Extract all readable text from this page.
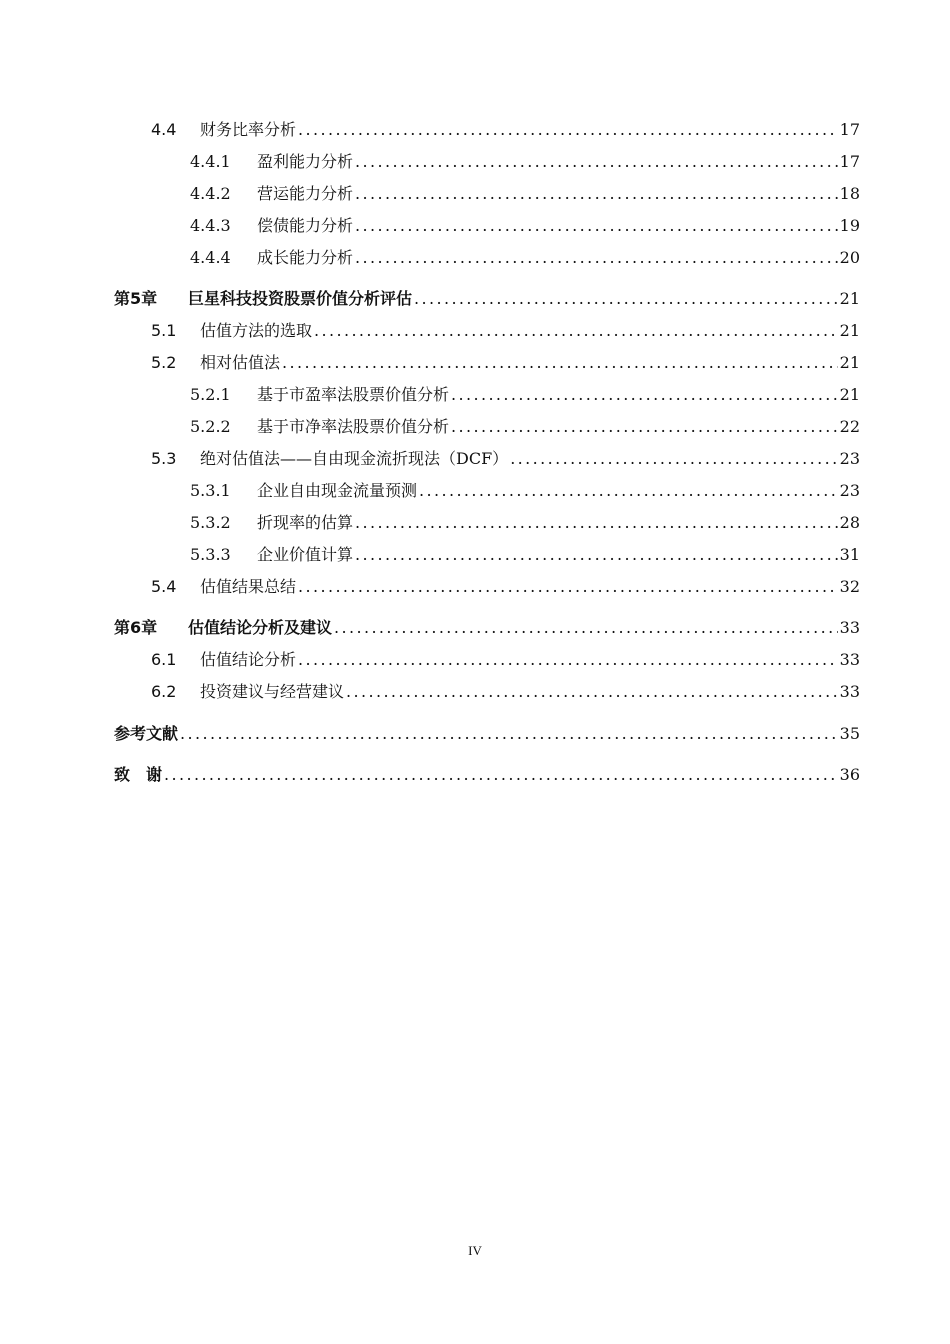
4.4	财务比率分析 .....	17
4.4.1	盈利能力分析 .....	17
4.4.2	营运能力分析 .....	18
4.4.3	偿债能力分析 .....	19
4.4.4	成长能力分析 .....	20
第5章	巨星科技投资股票价值分析评估 .....	21
5.1	估值方法的选取 .....	21
5.2	相对估值法 .....	21
5.2.1	基于市盈率法股票价值分析 .....	21
5.2.2	基于市净率法股票价值分析 .....	22
5.3	绝对估值法——自由现金流折现法（DCF） .....	23
5.3.1	企业自由现金流量预测 .....	23
5.3.2	折现率的估算 .....	28
5.3.3	企业价值计算 .....	31
5.4	估值结果总结 .....	32
第6章	估值结论分析及建议 .....	33
6.1	估值结论分析 .....	33
6.2	投资建议与经营建议 .....	33
参考文献 .....	35
致　谢 .....	36
IV
